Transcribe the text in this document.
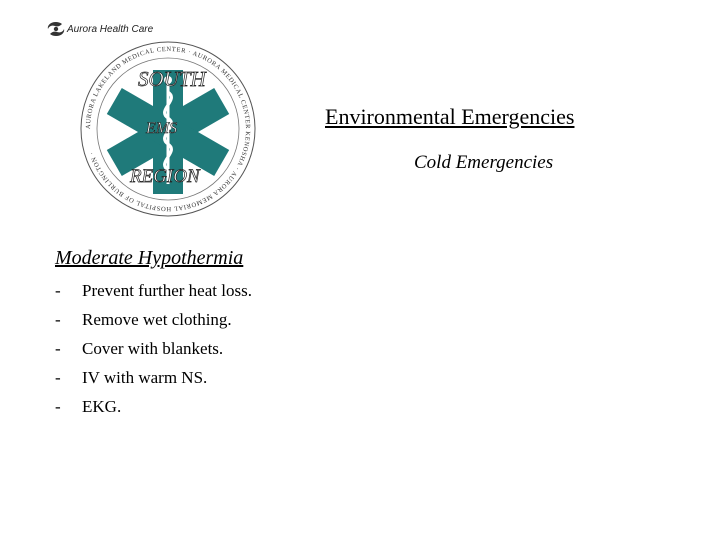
Aurora Health Care
AURORA LAKELAND MEDICAL CENTER · AURORA MEDICAL CENTER KENOSHA · AURORA MEMORIAL HOSPITAL OF BURLINGTON ·
SOUTH
EMS
REGION
Environmental Emergencies
Cold Emergencies
Moderate Hypothermia
- Prevent further heat loss.
- Remove wet clothing.
- Cover with blankets.
- IV with warm NS.
- EKG.
